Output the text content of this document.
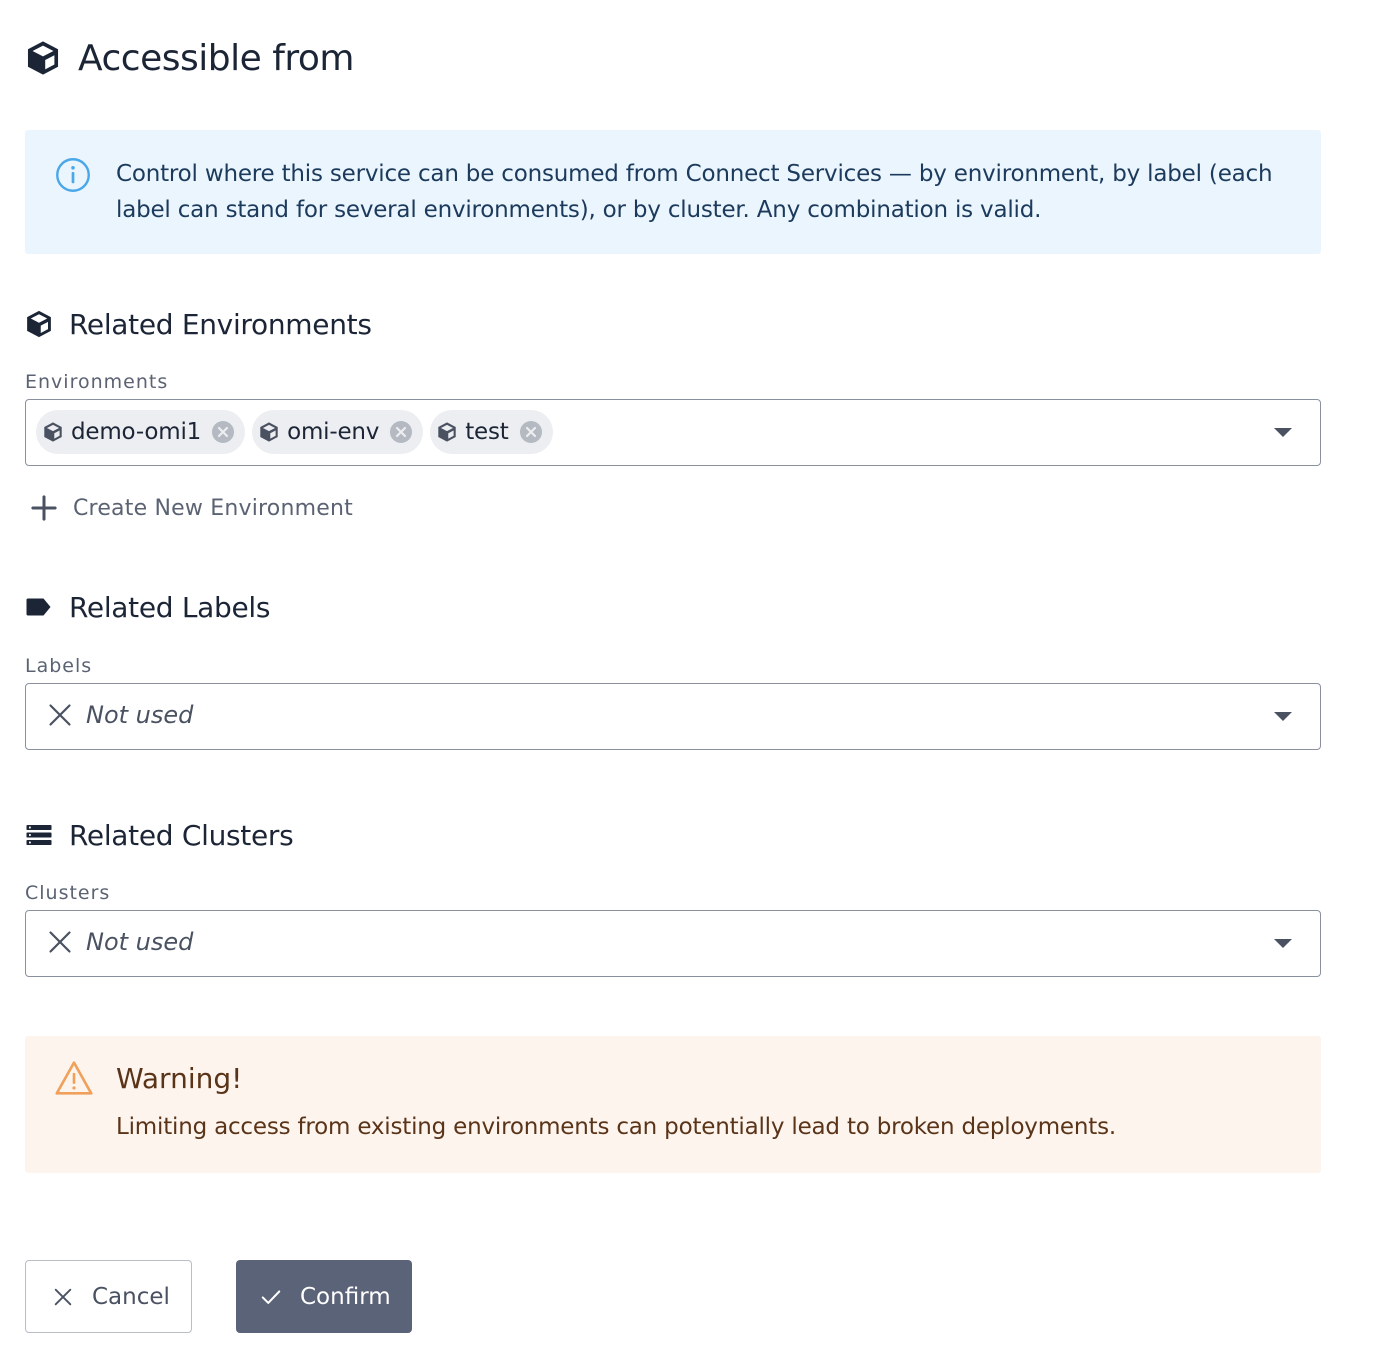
Accessible from
Control where this service can be consumed from Connect Services — by environment, by label (each label can stand for several environments), or by cluster. Any combination is valid.
Related Environments
Environments
demo-omi1	omi-env	test
Create New Environment
Related Labels
Labels
Not used
Related Clusters
Clusters
Not used
Warning!
Limiting access from existing environments can potentially lead to broken deployments.
Cancel	Confirm
